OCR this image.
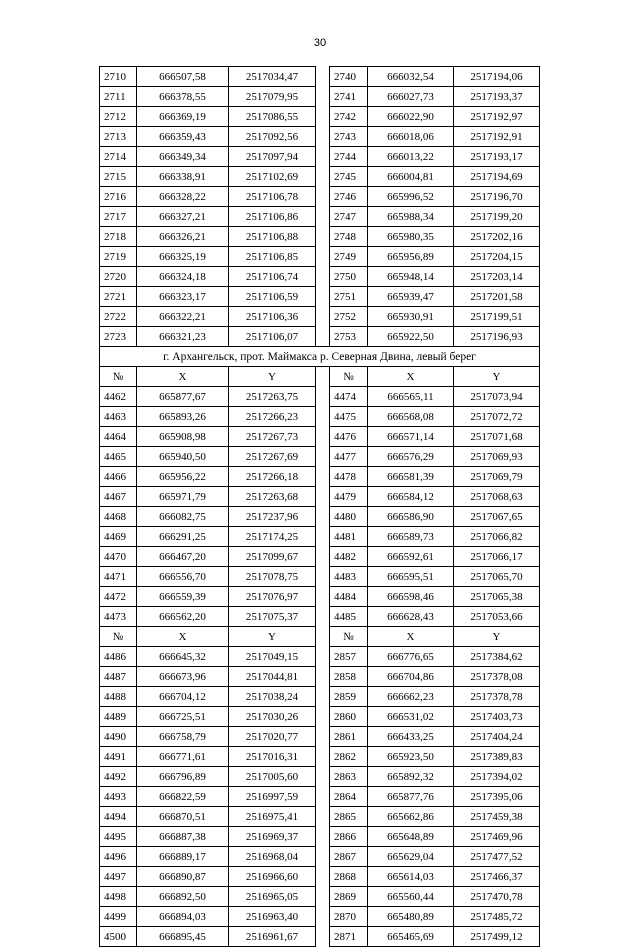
30
2710	666507,58	2517034,47		2740	666032,54	2517194,06
2711	666378,55	2517079,95		2741	666027,73	2517193,37
2712	666369,19	2517086,55		2742	666022,90	2517192,97
2713	666359,43	2517092,56		2743	666018,06	2517192,91
2714	666349,34	2517097,94		2744	666013,22	2517193,17
2715	666338,91	2517102,69		2745	666004,81	2517194,69
2716	666328,22	2517106,78		2746	665996,52	2517196,70
2717	666327,21	2517106,86		2747	665988,34	2517199,20
2718	666326,21	2517106,88		2748	665980,35	2517202,16
2719	666325,19	2517106,85		2749	665956,89	2517204,15
2720	666324,18	2517106,74		2750	665948,14	2517203,14
2721	666323,17	2517106,59		2751	665939,47	2517201,58
2722	666322,21	2517106,36		2752	665930,91	2517199,51
2723	666321,23	2517106,07		2753	665922,50	2517196,93
г. Архангельск, прот. Маймакса р. Северная Двина, левый берег						
№	X	Y		№	X	Y
4462	665877,67	2517263,75		4474	666565,11	2517073,94
4463	665893,26	2517266,23		4475	666568,08	2517072,72
4464	665908,98	2517267,73		4476	666571,14	2517071,68
4465	665940,50	2517267,69		4477	666576,29	2517069,93
4466	665956,22	2517266,18		4478	666581,39	2517069,79
4467	665971,79	2517263,68		4479	666584,12	2517068,63
4468	666082,75	2517237,96		4480	666586,90	2517067,65
4469	666291,25	2517174,25		4481	666589,73	2517066,82
4470	666467,20	2517099,67		4482	666592,61	2517066,17
4471	666556,70	2517078,75		4483	666595,51	2517065,70
4472	666559,39	2517076,97		4484	666598,46	2517065,38
4473	666562,20	2517075,37		4485	666628,43	2517053,66
№	X	Y		№	X	Y
4486	666645,32	2517049,15		2857	666776,65	2517384,62
4487	666673,96	2517044,81		2858	666704,86	2517378,08
4488	666704,12	2517038,24		2859	666662,23	2517378,78
4489	666725,51	2517030,26		2860	666531,02	2517403,73
4490	666758,79	2517020,77		2861	666433,25	2517404,24
4491	666771,61	2517016,31		2862	665923,50	2517389,83
4492	666796,89	2517005,60		2863	665892,32	2517394,02
4493	666822,59	2516997,59		2864	665877,76	2517395,06
4494	666870,51	2516975,41		2865	665662,86	2517459,38
4495	666887,38	2516969,37		2866	665648,89	2517469,96
4496	666889,17	2516968,04		2867	665629,04	2517477,52
4497	666890,87	2516966,60		2868	665614,03	2517466,37
4498	666892,50	2516965,05		2869	665560,44	2517470,78
4499	666894,03	2516963,40		2870	665480,89	2517485,72
4500	666895,45	2516961,67		2871	665465,69	2517499,12
